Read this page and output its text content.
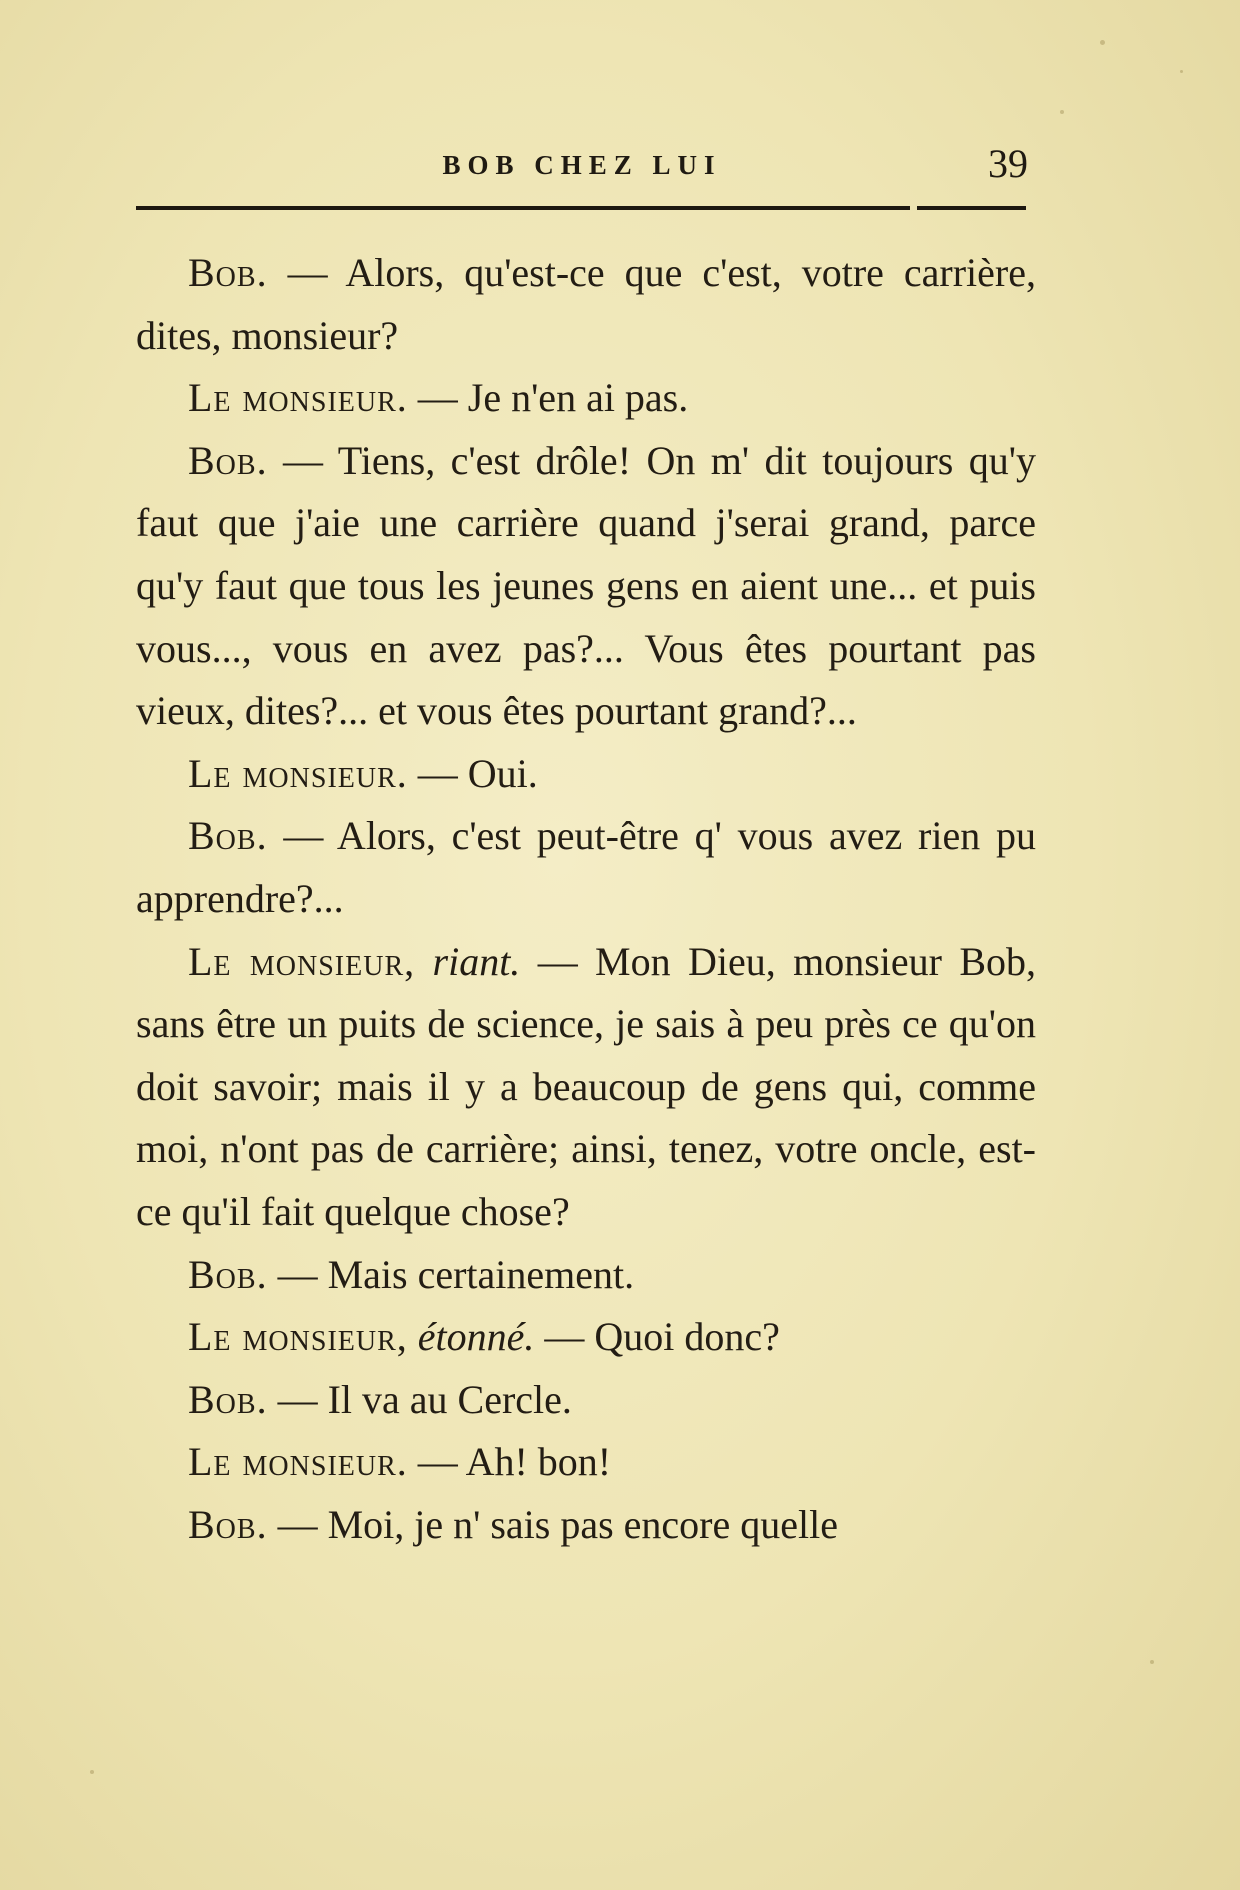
BOB CHEZ LUI	39

Bob. — Alors, qu'est-ce que c'est, votre carrière, dites, monsieur?

Le monsieur. — Je n'en ai pas.

Bob. — Tiens, c'est drôle! On m' dit toujours qu'y faut que j'aie une carrière quand j'serai grand, parce qu'y faut que tous les jeunes gens en aient une... et puis vous..., vous en avez pas?... Vous êtes pourtant pas vieux, dites?... et vous êtes pourtant grand?...

Le monsieur. — Oui.

Bob. — Alors, c'est peut-être q' vous avez rien pu apprendre?...

Le monsieur, riant. — Mon Dieu, monsieur Bob, sans être un puits de science, je sais à peu près ce qu'on doit savoir; mais il y a beaucoup de gens qui, comme moi, n'ont pas de carrière; ainsi, tenez, votre oncle, est-ce qu'il fait quelque chose?

Bob. — Mais certainement.

Le monsieur, étonné. — Quoi donc?

Bob. — Il va au Cercle.

Le monsieur. — Ah! bon!

Bob. — Moi, je n' sais pas encore quelle
